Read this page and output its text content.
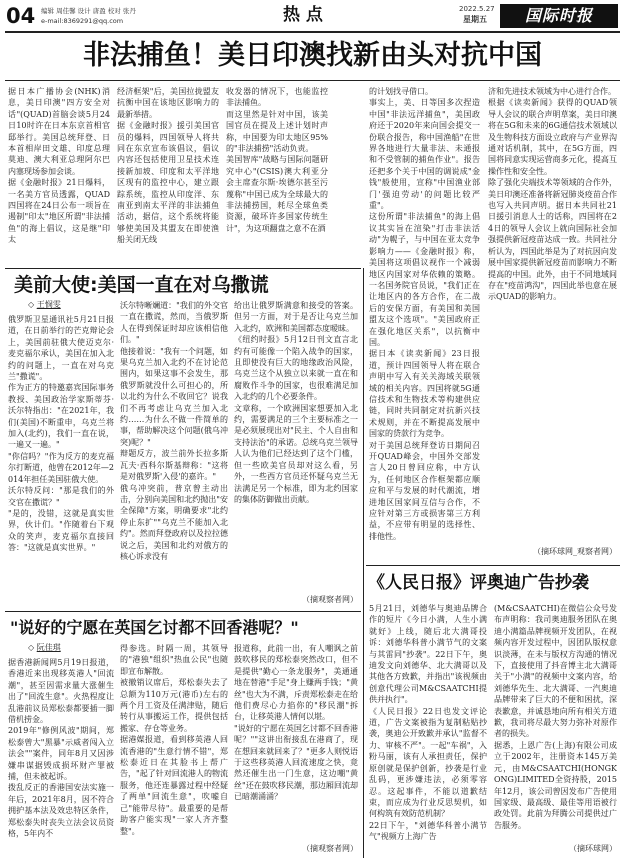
04 编辑 周佳馨 设计 唐盈 校对 张丹
e-mail:8369291@qq.com	热 点	2022.5.27
星期五	国际时报
非法捕鱼！美日印澳找新由头对抗中国
据日本广播协会(NHK)消息，美日印澳"四方安全对话"(QUAD)首脑会谈5月24日10时许在日本东京首相官邸举行。美国总统拜登、日本首相岸田文雄、印度总理莫迪、澳大利亚总理阿尔巴内塞现场参加会谈。
据《金融时报》21日爆料，一名美方官员透露，QUAD四国将在24日公布一项旨在遏制"印太"地区所谓"非法捕鱼"的海上倡议，这是继"印太
经济框架"后，美国拉拢盟友抗衡中国在该地区影响力的最新举措。
据《金融时报》援引美国官员的爆料，四国领导人将共同在东京宣布该倡议，倡议内容还包括使用卫星技术连接新加坡、印度和太平洋地区现有的监控中心，建立跟踪系统，监控从印度洋、东南亚到南太平洋的非法捕鱼活动，据信，这个系统将能够使美国及其盟友在即使渔船关闭无线
收发器的情况下，也能监控非法捕鱼。
而这里然是针对中国，该美国官员在提及上述计划时声称，中国要为印太地区95%的"非法捕捞"活动负责。
美国智库"战略与国际问题研究中心"(CSIS)澳大利亚分会主席查尔斯·埃德尔甚至污蔑称"中国已成为全球最大的非法捕捞国，耗尽全球鱼类资源，破坏许多国家传统生计"，为这项翻盘之意不在酒
的计划找寻借口。
事实上，美、日等国多次捏造中国"非法远洋捕鱼"，美国政府还于2020年来向国会提交一份联合报告，称中国渔船"在世界各地进行大量非法、未通报和不受管制的捕鱼作业"。报告还把多个关于中国的调说成"金钱"般使用，宣称"中国渔业部门'强迫劳动'的问题比较严重"。
这份所谓"非法捕鱼"的海上倡议其实旨在渲染"打击非法活动"为幌子，与中国在亚太竞争影响力——《金融时报》称，美国将这项倡议视作一个减弱地区内国家对华依赖的策略。一名国务院官员说，"我们正在让地区内的各方合作，在二战后的安保方面，有美国和美国盟友这个选项"。"美国政府正在强化地区关系"，以抗衡中国。
据日本《读卖新闻》23日报道，预计四国领导人将在联合声明中写入有关关海域关联领域的相关内容。四国将就5G通信技术和生物技术等构建供应链，同时共同制定对抗新兴技术规则，并在不断提高发展中国家的贷款行为竞争。
对于美国总统拜登访日期间召开QUAD峰会，中国外交部发言人20日曾回应称，中方认为，任何地区合作框架都应顺应和平与发展的时代潮流，增进地区国家间互信与合作，不应针对第三方或损害第三方利益，不应带有明显的选择性、排他性。
济和先进技术领域为中心进行合作。
根据《读卖新闻》获得的QUAD领导人会议的联合声明草案，美日印澳将在5G和未来的6G通信技术领域以及生物科技方面设立政府与产业界沟通对话机制，其中，在5G方面，四国将同意实现运营商多元化，提高互操作性和安全性。
除了强化尖端技术等领域的合作外，美日印澳还准备将新冠肺炎疫苗合作也写入共同声明。据日本共同社21日援引消息人士的话称，四国将在24日的领导人会议上就向国际社会加强提供新冠疫苗达成一致。共同社分析认为，四国此举是为了对抗因向发展中国家提供新冠疫苗而影响力不断提高的中国。此外，由于不同地域间存在"疫苗鸿沟"，四国此举也意在展示QUAD的影响力。
（摘环球网_观察者网）
美前大使:美国一直在对乌撒谎
◇ 王悯雯
俄罗斯卫星通讯社5月21日报道，在日前举行的芒克辩论会上，美国前驻俄大使迈克尔·麦克福尔承认，美国在加入北约的问题上，一直在对乌克兰"撒谎"。
作为正方的特邀嘉宾国际事务教授、美国政治学家斯蒂芬·沃尔特指出："在2021年，我们(美国)不断重申，乌克兰将加入(北约)，我们一直在说，一遍又一遍。"
"你信吗？"作为反方的麦克福尔打断道，他曾在2012年—2014年担任美国驻俄大使。
沃尔特反问："那是我们的外交官在撒谎？"
"是的，没错，这就是真实世界，伙计们。"作随着台下观众的笑声，麦克福尔直接回答："这就是真实世界。"
沃尔特晰斓道："我们的外交官一直在撒谎，然而，当俄罗斯人在得到保证时却应该相信他们。"
他接着说："我有一个问题，如果乌克兰加入北约不在讨论范围内，如果这事不会发生，那俄罗斯就没什么可担心的，所以北约为什么不收回它？说我们不再考虑让乌克兰加入北约……为什么不做一件简单的事，帮助解决这个问题(俄乌冲突)呢？"
辩题反方，波兰前外长拉多斯瓦夫·西科尔斯基辩称："这将是对俄罗斯'入侵'的嘉许。"
俄乌冲突前，普京曾主动出击，分别向美国和北约抛出"安全保障"方案，明确要求"北约停止东扩""乌克兰不能加入北约"。然而拜登政府以及拉拉德说之后，美国和北约对俄方的核心诉求没有
给出让俄罗斯满意和接受的答案。但另一方面，对于是否让乌克兰加入北约，欧洲和美国都态度暧昧。
《纽约时报》5月12日刊文直言北约有可能像一个陷入战争的国家，且即使没有巨大的地缘政治风险，乌克兰这个从独立以来就一直在和腐败作斗争的国家，也很难满足加入北约的几个必要条件。
文章称，一个欧洲国家想要加入北约，需要满足的三个主要标准之一是必须展现出对"民主、个人自由和支持法治"的承诺。总统乌克兰领导人认为他们已经达到了这个门槛，但一些欧美官员却对这么看，另外，一些西方官员还怀疑乌克兰无法满足另一个标准，即为北约国家的集体防御做出贡献。
（摘观察者网）
"说好的宁愿在英国乞讨都不回香港呢？"
◇ 阮佳琪
据香港新闻网5月19日报道，香港近来出现移英港人"回流潮"，甚至因需求量大涨催生出了"回流生意"。火热程度让乱港前议员郑松泰都要插一脚借机捞金。
2019年"修例风波"期间，郑松泰曾大"黑暴"示威者闯入立法会""案件，同年8月又因涉嫌串谋据毁成损坏财产罪被捕，但未被起诉。
拨乱反正的香港国安法实施一年后，2021年8月，因不符合拥护基本法及效忠特区条件，郑松泰失时丧失立法会议员资格，5年内不
得参选。时隔一周，其领导的"港独"组织"热血公民"也随即宣布解散。
被撤销议席后，郑松泰失去了总额为110万元(港币)左右的两个月工资及任满津贴，随后转行从事搬运工作，提供包括搬家、存仓等业务。
据港媒报道，看到移英港人回流香港的"生意行情不错"，郑松泰近日在其脸书上帮广告，"起了针对回流港人的物流服务，他还连暴露过程中经疑了两单"回流生意"，吹嘘自己"能带尽待"。最重要的是帮助客户能实现"一家人齐齐整整"。
报道称，此前一出，有人嘲讽之前鼓吹移民的郑松泰突然改口，但不是提供"勤心一条龙服务"，美通通地在替港"手足"身上赚两手钱；"黄丝"也大为不满，斥责郑松泰走在给他们费尽心力掐你的"移民潮"拆台，让移英港人情何以堪。
"说好的宁愿在英国乞讨都不回香港呢？""这讲出衔接乱在港商了，现在想回来就回来了？"更多人则悦语于这些移英港人回流速度之快，竟然还催生出一门生意，这边嘲"黄丝"还在鼓吹移民潮，那边厢回流却已暗潮涌涌？
（摘观察者网）
《人民日报》评奥迪广告抄袭
5月21日，刘德华与奥迪品牌合作的短片《今日小满，人生小满就好》上线，随后北大满哥投诉：刘德华科普小满节气的文案与其雷同"抄袭"。22日下午，奥迪发文向刘德华、北大满哥以及其他各方致歉，并指出"该视频由创意代理公司M&CSAATCHI提供并执行"。
《人民日报》22日也发文评论道，广告文案被指为复制粘贴抄袭，奥迪公开致歉并承认"监督不力、审核不严"。一起"车祸"，入粉马丽，该有人承担责任，保护原创就是保护创新，抄袭是行业乱码，更涉嫌违法，必须零容忍。这起事件，不能以道歉结束，而应成为行业反思契机，如何构筑有效防范机制？
22日下午，"刘德华科普小满节气"视频方上海广告
(M&CSAATCHI)在微信公众号发布声明称：我司奥迪服务团队在奥迪小满篇品牌视频开发团队，在视频内容开发过程中，因团队版权意识淡薄，在未与版权方沟通的情况下，直接使用了抖音博主北大满哥关于"小满"的视频中文案内容，给刘德华先生、北大满哥、一汽奥迪品牌带来了巨大的不便和困扰，深表歉意，并诚恳地向所有相关方道歉，我司将尽最大努力弥补对原作者的损失。
据悉，上恩广告(上海)有限公司成立于2002年，注册资本145万美元，由M&CSAATCHI(HONGKONG)LIMITED全资持股，2015年12月，该公司曾因发布广告使用国家级、最高级、最佳等用语被行政处罚。此前为拜腾公司提供过广告服务。
（摘环球网）
